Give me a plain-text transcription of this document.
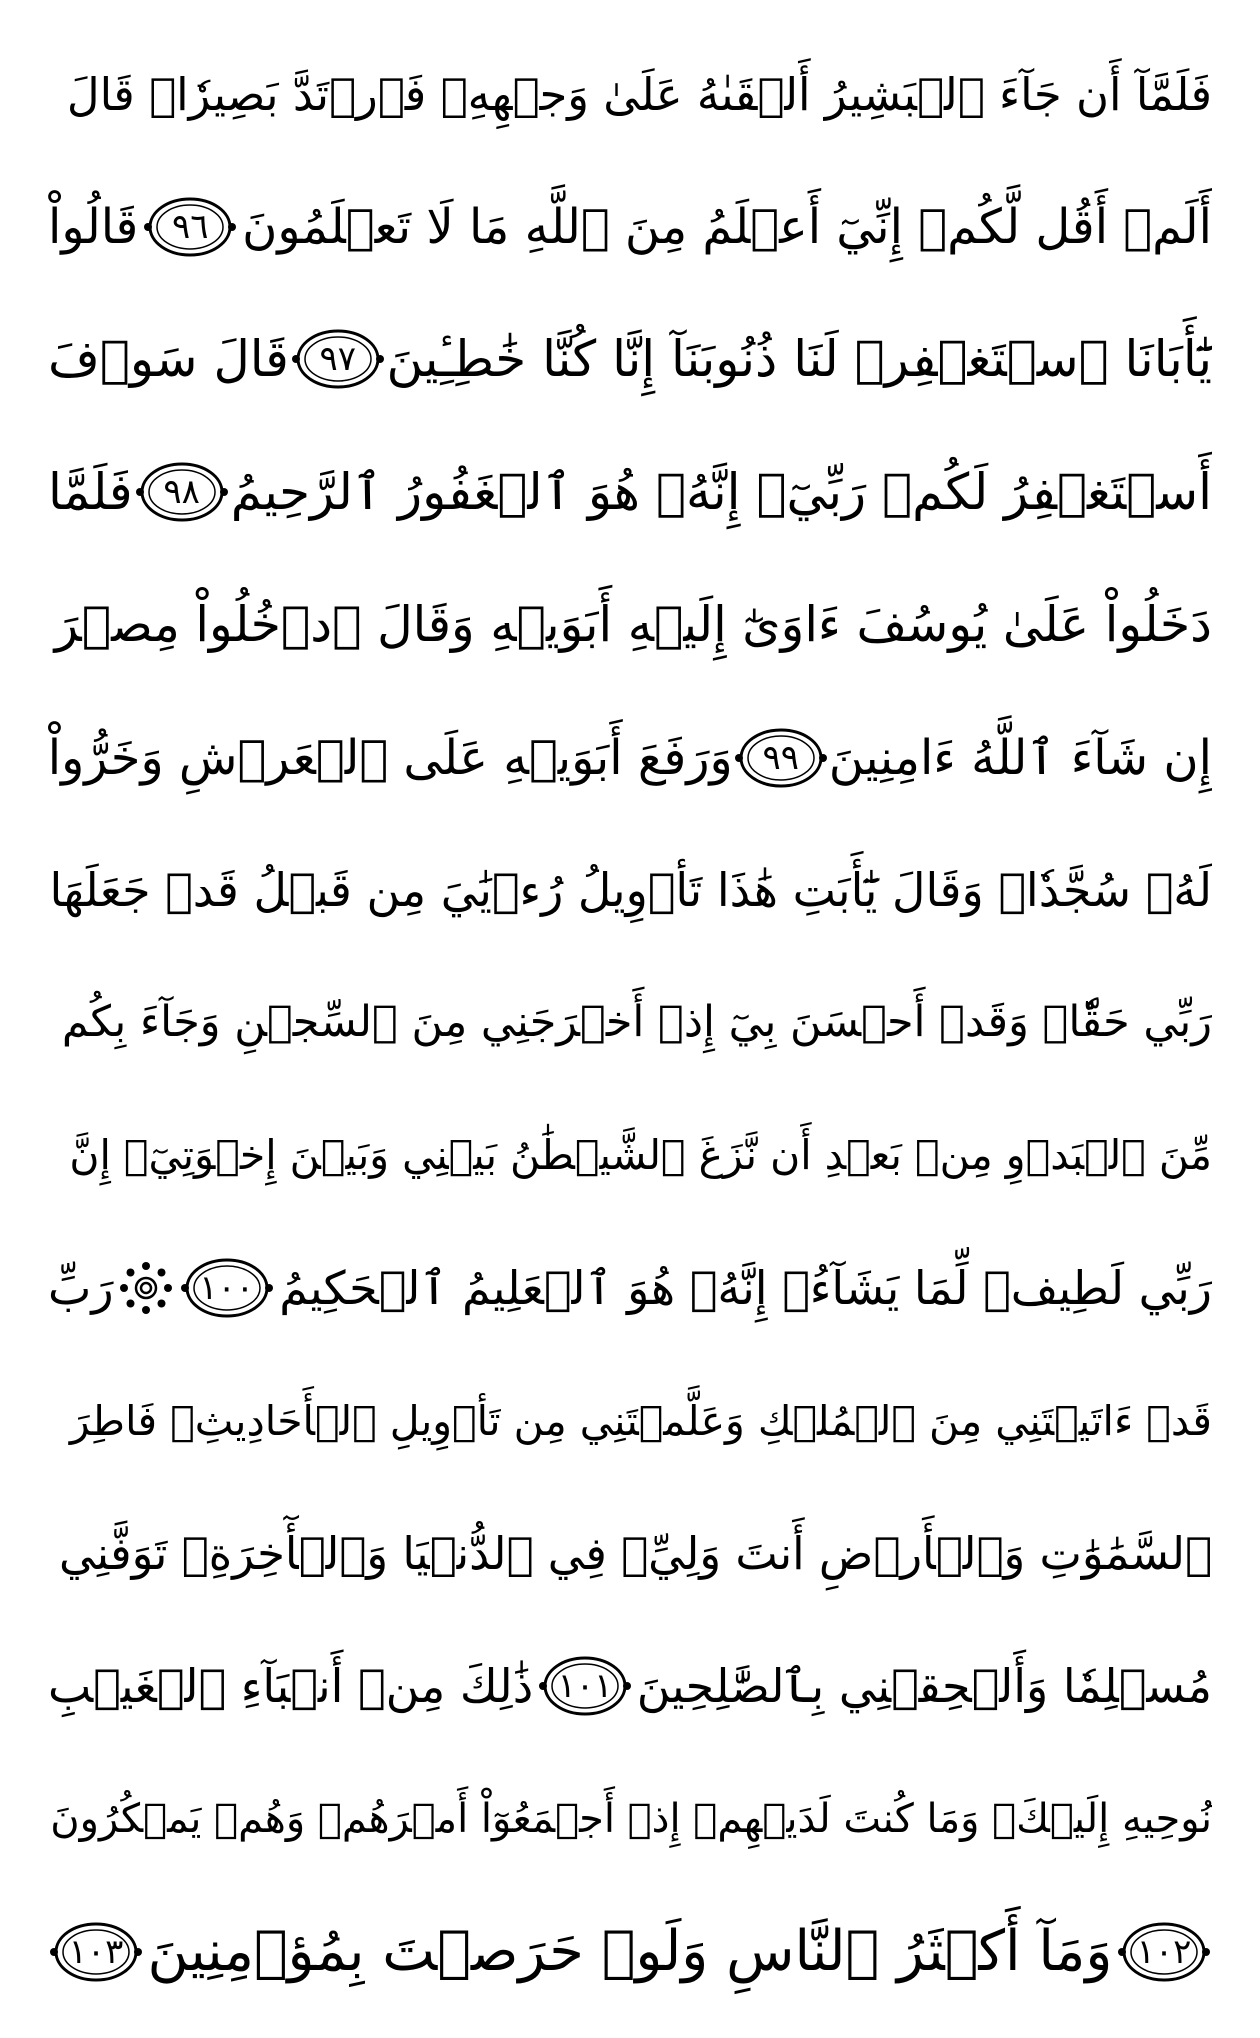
فَلَمَّآ أَن جَآءَ ٱلۡبَشِيرُ أَلۡقَىٰهُ عَلَىٰ وَجۡهِهِۦ فَٱرۡتَدَّ بَصِيرٗاۖ قَالَ
أَلَمۡ أَقُل لَّكُمۡ إِنِّيٓ أَعۡلَمُ مِنَ ٱللَّهِ مَا لَا تَعۡلَمُونَ
٩٦
قَالُواْ
يَٰٓأَبَانَا ٱسۡتَغۡفِرۡ لَنَا ذُنُوبَنَآ إِنَّا كُنَّا خَٰطِـِٔينَ
٩٧
قَالَ سَوۡفَ
أَسۡتَغۡفِرُ لَكُمۡ رَبِّيٓۖ إِنَّهُۥ هُوَ ٱلۡغَفُورُ ٱلرَّحِيمُ
٩٨
فَلَمَّا
دَخَلُواْ عَلَىٰ يُوسُفَ ءَاوَىٰٓ إِلَيۡهِ أَبَوَيۡهِ وَقَالَ ٱدۡخُلُواْ مِصۡرَ
إِن شَآءَ ٱللَّهُ ءَامِنِينَ
٩٩
وَرَفَعَ أَبَوَيۡهِ عَلَى ٱلۡعَرۡشِ وَخَرُّواْ
لَهُۥ سُجَّدٗاۖ وَقَالَ يَٰٓأَبَتِ هَٰذَا تَأۡوِيلُ رُءۡيَٰيَ مِن قَبۡلُ قَدۡ جَعَلَهَا
رَبِّي حَقّٗاۖ وَقَدۡ أَحۡسَنَ بِيٓ إِذۡ أَخۡرَجَنِي مِنَ ٱلسِّجۡنِ وَجَآءَ بِكُم
مِّنَ ٱلۡبَدۡوِ مِنۢ بَعۡدِ أَن نَّزَغَ ٱلشَّيۡطَٰنُ بَيۡنِي وَبَيۡنَ إِخۡوَتِيٓۚ إِنَّ
رَبِّي لَطِيفٞ لِّمَا يَشَآءُۚ إِنَّهُۥ هُوَ ٱلۡعَلِيمُ ٱلۡحَكِيمُ
١٠٠
رَبِّ
قَدۡ ءَاتَيۡتَنِي مِنَ ٱلۡمُلۡكِ وَعَلَّمۡتَنِي مِن تَأۡوِيلِ ٱلۡأَحَادِيثِۚ فَاطِرَ
ٱلسَّمَٰوَٰتِ وَٱلۡأَرۡضِ أَنتَ وَلِيِّۦ فِي ٱلدُّنۡيَا وَٱلۡأٓخِرَةِۖ تَوَفَّنِي
مُسۡلِمٗا وَأَلۡحِقۡنِي بِٱلصَّٰلِحِينَ
١٠١
ذَٰلِكَ مِنۡ أَنۢبَآءِ ٱلۡغَيۡبِ
نُوحِيهِ إِلَيۡكَۖ وَمَا كُنتَ لَدَيۡهِمۡ إِذۡ أَجۡمَعُوٓاْ أَمۡرَهُمۡ وَهُمۡ يَمۡكُرُونَ
١٠٢
وَمَآ أَكۡثَرُ ٱلنَّاسِ وَلَوۡ حَرَصۡتَ بِمُؤۡمِنِينَ
١٠٣
